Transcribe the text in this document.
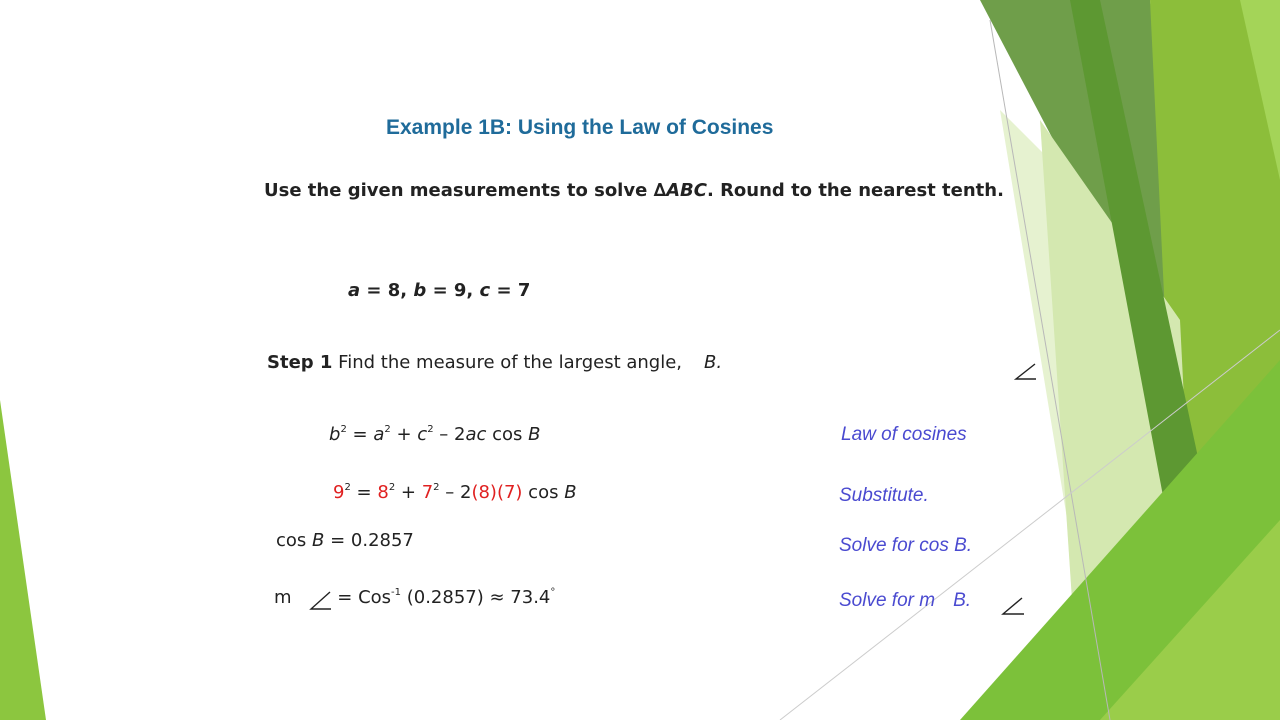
Example 1B: Using the Law of Cosines
Use the given measurements to solve ∆ABC. Round to the nearest tenth.
a = 8, b = 9, c = 7
Step 1 Find the measure of the largest angle, B.
$b^2 = a^2 + c^2 - 2ac$ cos B
$9^2 = 8^2 + 7^2 - 2(8)(7)$ cos B
cos B = 0.2857
m = Cos$^{-1}$ (0.2857) ≈ 73.4°
Law of cosines
Substitute.
Solve for cos B.
Solve for m B.
